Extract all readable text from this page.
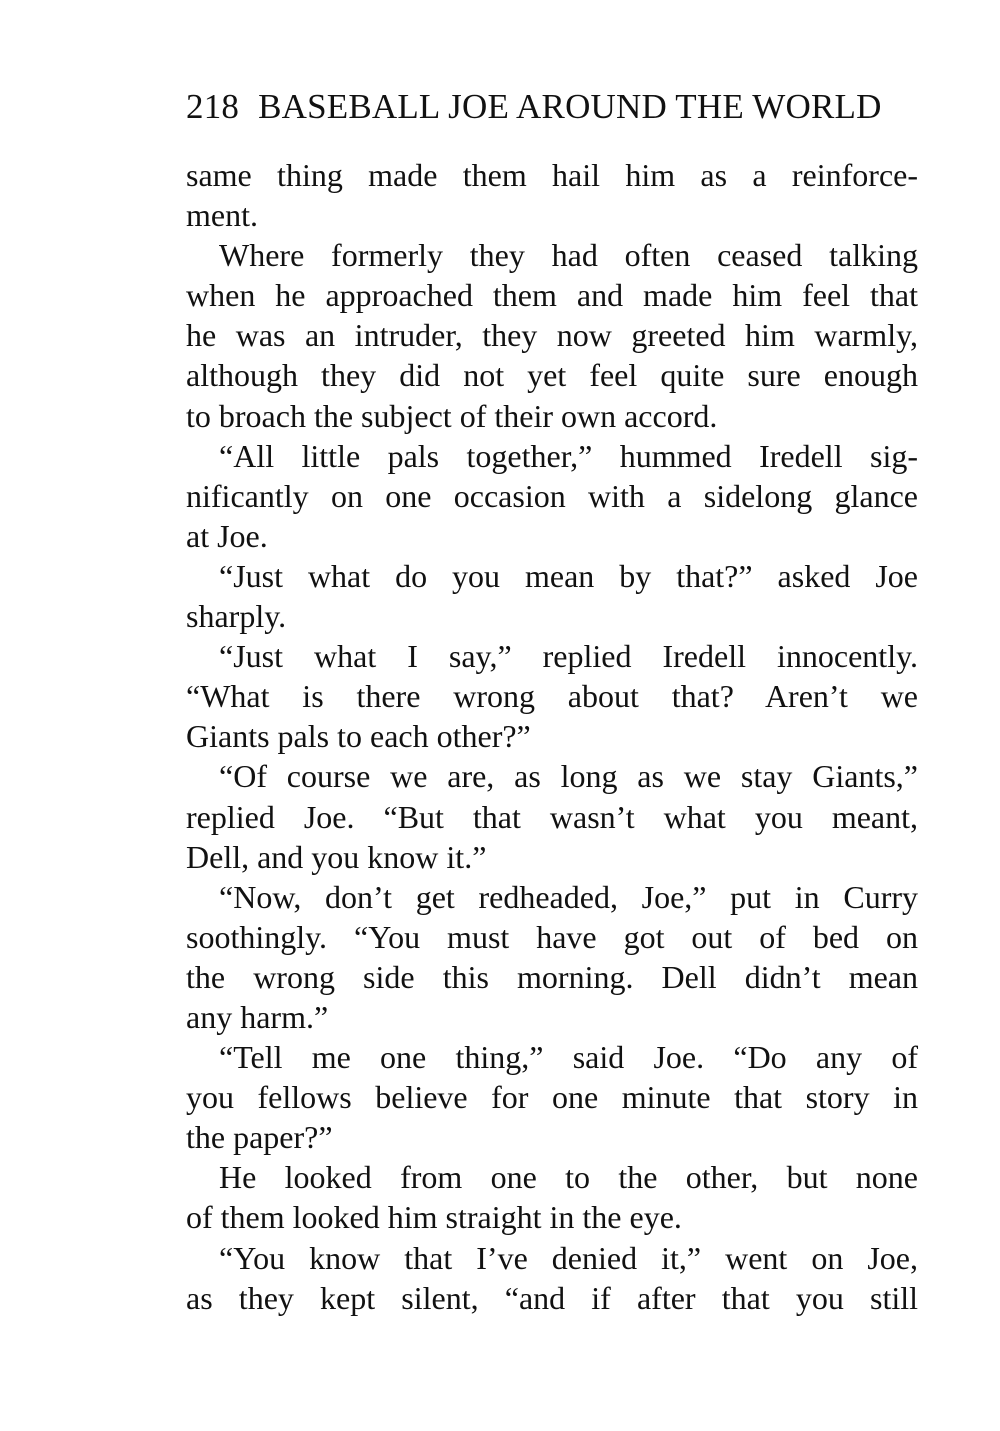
218 BASEBALL JOE AROUND THE WORLD
same thing made them hail him as a reinforce-
ment.
Where formerly they had often ceased talking
when he approached them and made him feel that
he was an intruder, they now greeted him warmly,
although they did not yet feel quite sure enough
to broach the subject of their own accord.
“All little pals together,” hummed Iredell sig-
nificantly on one occasion with a sidelong glance
at Joe.
“Just what do you mean by that?” asked Joe
sharply.
“Just what I say,” replied Iredell innocently.
“What is there wrong about that? Aren’t we
Giants pals to each other?”
“Of course we are, as long as we stay Giants,”
replied Joe. “But that wasn’t what you meant,
Dell, and you know it.”
“Now, don’t get redheaded, Joe,” put in Curry
soothingly. “You must have got out of bed on
the wrong side this morning. Dell didn’t mean
any harm.”
“Tell me one thing,” said Joe. “Do any of
you fellows believe for one minute that story in
the paper?”
He looked from one to the other, but none
of them looked him straight in the eye.
“You know that I’ve denied it,” went on Joe,
as they kept silent, “and if after that you still
